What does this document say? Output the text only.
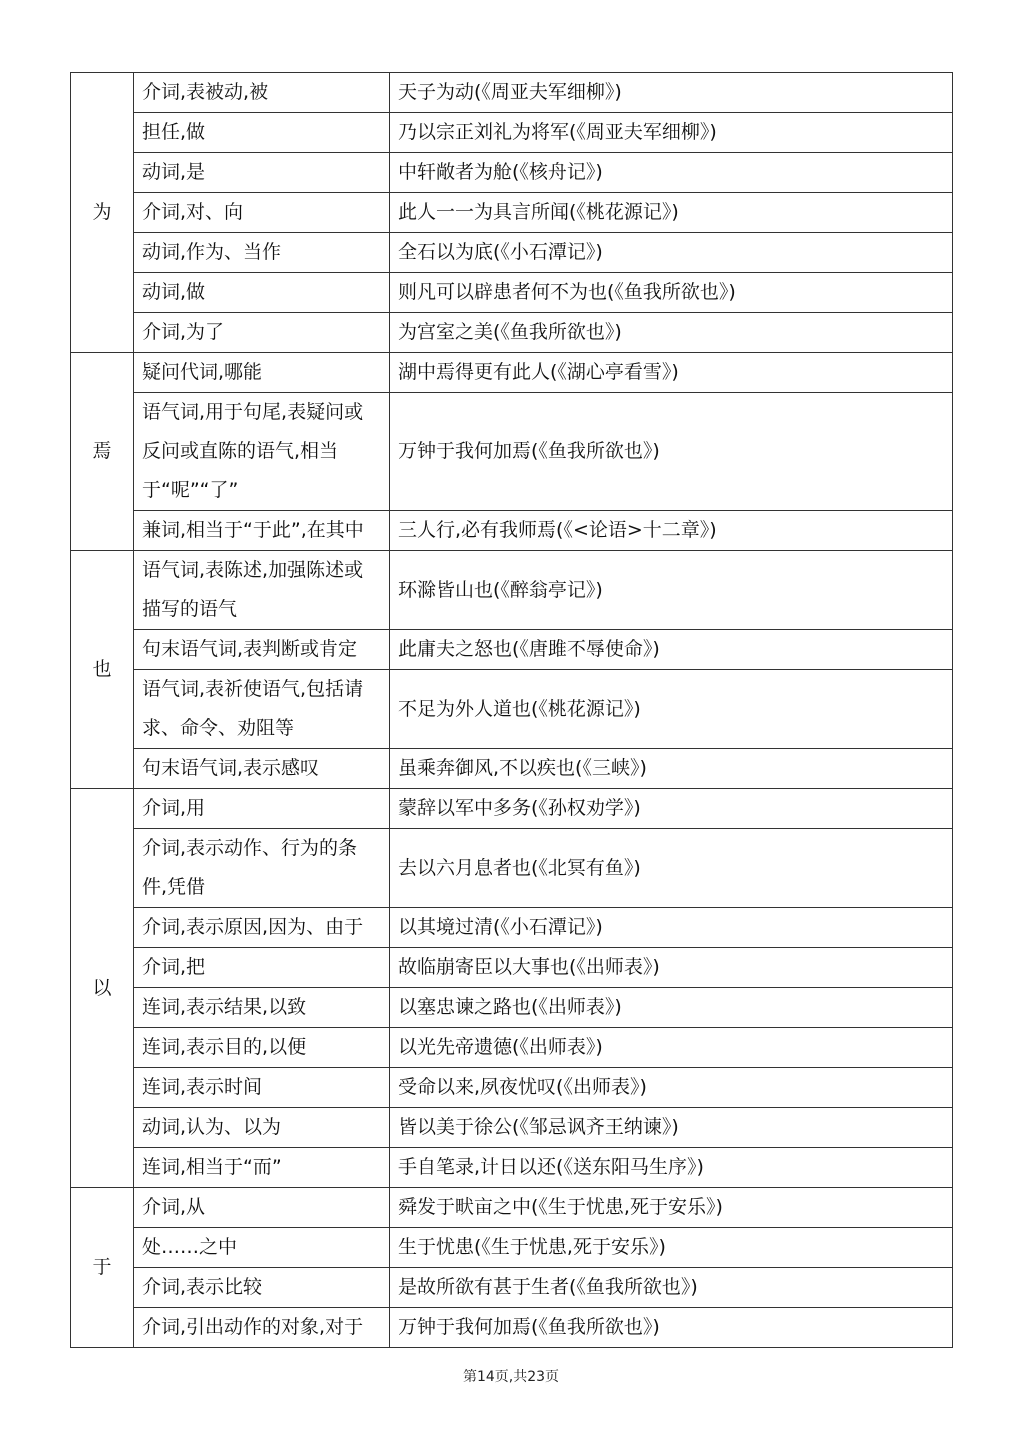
为	介词,表被动,被	天子为动(《周亚夫军细柳》)
	担任,做	乃以宗正刘礼为将军(《周亚夫军细柳》)
	动词,是	中轩敞者为舱(《核舟记》)
	介词,对、向	此人一一为具言所闻(《桃花源记》)
	动词,作为、当作	全石以为底(《小石潭记》)
	动词,做	则凡可以辟患者何不为也(《鱼我所欲也》)
	介词,为了	为宫室之美(《鱼我所欲也》)
焉	疑问代词,哪能	湖中焉得更有此人(《湖心亭看雪》)
	语气词,用于句尾,表疑问或反问或直陈的语气,相当于“呢”“了”	万钟于我何加焉(《鱼我所欲也》)
	兼词,相当于“于此”,在其中	三人行,必有我师焉(《<论语>十二章》)
也	语气词,表陈述,加强陈述或描写的语气	环滁皆山也(《醉翁亭记》)
	句末语气词,表判断或肯定	此庸夫之怒也(《唐雎不辱使命》)
	语气词,表祈使语气,包括请求、命令、劝阻等	不足为外人道也(《桃花源记》)
	句末语气词,表示感叹	虽乘奔御风,不以疾也(《三峡》)
以	介词,用	蒙辞以军中多务(《孙权劝学》)
	介词,表示动作、行为的条件,凭借	去以六月息者也(《北冥有鱼》)
	介词,表示原因,因为、由于	以其境过清(《小石潭记》)
	介词,把	故临崩寄臣以大事也(《出师表》)
	连词,表示结果,以致	以塞忠谏之路也(《出师表》)
	连词,表示目的,以便	以光先帝遗德(《出师表》)
	连词,表示时间	受命以来,夙夜忧叹(《出师表》)
	动词,认为、以为	皆以美于徐公(《邹忌讽齐王纳谏》)
	连词,相当于“而”	手自笔录,计日以还(《送东阳马生序》)
于	介词,从	舜发于畎亩之中(《生于忧患,死于安乐》)
	处……之中	生于忧患(《生于忧患,死于安乐》)
	介词,表示比较	是故所欲有甚于生者(《鱼我所欲也》)
	介词,引出动作的对象,对于	万钟于我何加焉(《鱼我所欲也》)
第14页,共23页
